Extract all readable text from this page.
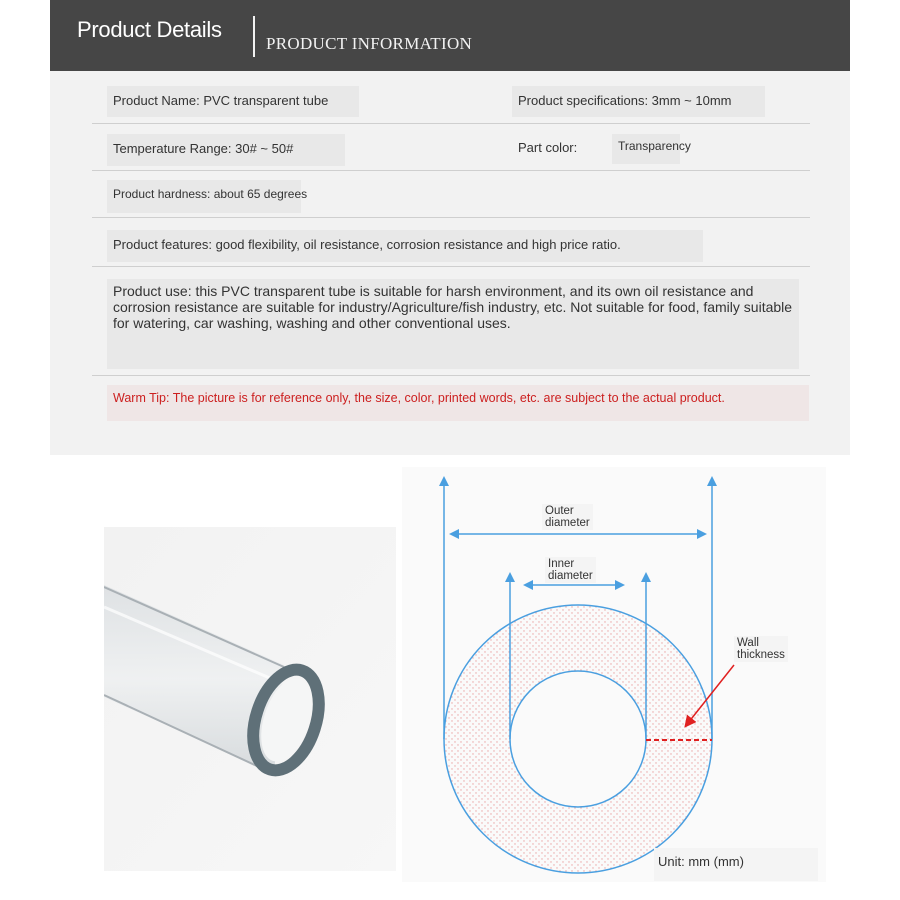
Product Details
PRODUCT INFORMATION
Product Name: PVC transparent tube	Product specifications: 3mm ~ 10mm
Temperature Range: 30# ~ 50#	Part color:	Transparency
Product hardness: about 65 degrees
Product features: good flexibility, oil resistance, corrosion resistance and high price ratio.
Product use: this PVC transparent tube is suitable for harsh environment, and its own oil resistance and corrosion resistance are suitable for industry/Agriculture/fish industry, etc. Not suitable for food, family suitable for watering, car washing, washing and other conventional uses.
Warm Tip: The picture is for reference only, the size, color, printed words, etc. are subject to the actual product.
Outer
diameter
Inner
diameter
Wall
thickness
Unit: mm (mm)
